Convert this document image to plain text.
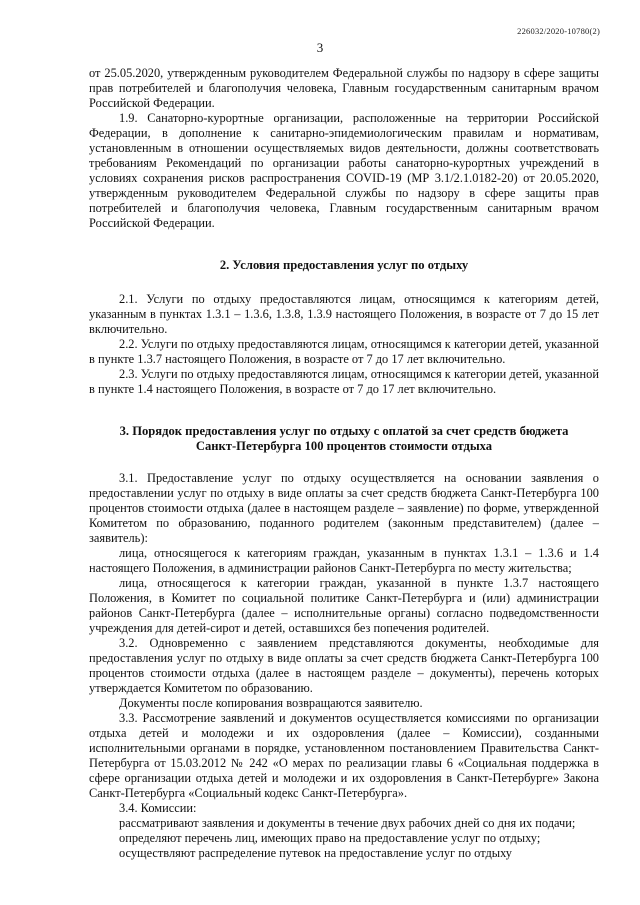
226032/2020-10780(2)
3

от 25.05.2020, утвержденным руководителем Федеральной службы по надзору в сфере защиты прав потребителей и благополучия человека, Главным государственным санитарным врачом Российской Федерации.

1.9. Санаторно-курортные организации, расположенные на территории Российской Федерации, в дополнение к санитарно-эпидемиологическим правилам и нормативам, установленным в отношении осуществляемых видов деятельности, должны соответствовать требованиям Рекомендаций по организации работы санаторно-курортных учреждений в условиях сохранения рисков распространения COVID-19 (МР 3.1/2.1.0182-20) от 20.05.2020, утвержденным руководителем Федеральной службы по надзору в сфере защиты прав потребителей и благополучия человека, Главным государственным санитарным врачом Российской Федерации.

2. Условия предоставления услуг по отдыху

2.1. Услуги по отдыху предоставляются лицам, относящимся к категориям детей, указанным в пунктах 1.3.1 – 1.3.6, 1.3.8, 1.3.9 настоящего Положения, в возрасте от 7 до 15 лет включительно.

2.2. Услуги по отдыху предоставляются лицам, относящимся к категории детей, указанной в пункте 1.3.7 настоящего Положения, в возрасте от 7 до 17 лет включительно.

2.3. Услуги по отдыху предоставляются лицам, относящимся к категории детей, указанной в пункте 1.4 настоящего Положения, в возрасте от 7 до 17 лет включительно.

3. Порядок предоставления услуг по отдыху с оплатой за счет средств бюджета
Санкт-Петербурга 100 процентов стоимости отдыха

3.1. Предоставление услуг по отдыху осуществляется на основании заявления о предоставлении услуг по отдыху в виде оплаты за счет средств бюджета Санкт-Петербурга 100 процентов стоимости отдыха (далее в настоящем разделе – заявление) по форме, утвержденной Комитетом по образованию, поданного родителем (законным представителем) (далее – заявитель):

лица, относящегося к категориям граждан, указанным в пунктах 1.3.1 – 1.3.6 и 1.4 настоящего Положения, в администрации районов Санкт-Петербурга по месту жительства;

лица, относящегося к категории граждан, указанной в пункте 1.3.7 настоящего Положения, в Комитет по социальной политике Санкт-Петербурга и (или) администрации районов Санкт-Петербурга (далее – исполнительные органы) согласно подведомственности учреждения для детей-сирот и детей, оставшихся без попечения родителей.

3.2. Одновременно с заявлением представляются документы, необходимые для предоставления услуг по отдыху в виде оплаты за счет средств бюджета Санкт-Петербурга 100 процентов стоимости отдыха (далее в настоящем разделе – документы), перечень которых утверждается Комитетом по образованию.

Документы после копирования возвращаются заявителю.

3.3. Рассмотрение заявлений и документов осуществляется комиссиями по организации отдыха детей и молодежи и их оздоровления (далее – Комиссии), созданными исполнительными органами в порядке, установленном постановлением Правительства Санкт-Петербурга от 15.03.2012 № 242 «О мерах по реализации главы 6 «Социальная поддержка в сфере организации отдыха детей и молодежи и их оздоровления в Санкт-Петербурге» Закона Санкт-Петербурга «Социальный кодекс Санкт-Петербурга».

3.4. Комиссии:

рассматривают заявления и документы в течение двух рабочих дней со дня их подачи;

определяют перечень лиц, имеющих право на предоставление услуг по отдыху;

осуществляют распределение путевок на предоставление услуг по отдыху
